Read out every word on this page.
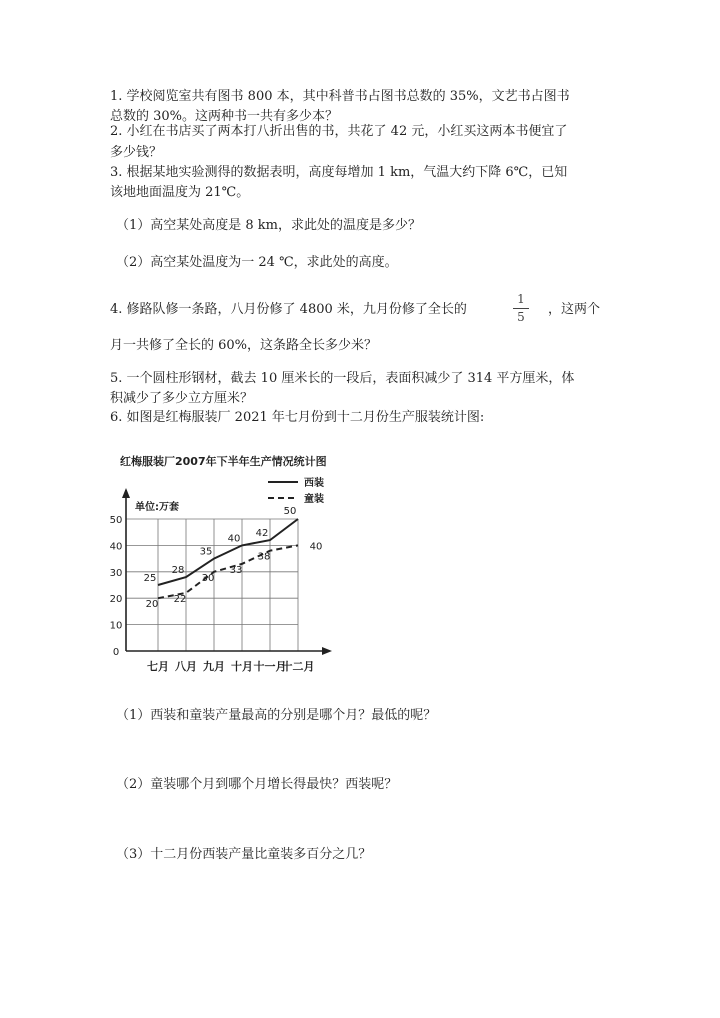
1. 学校阅览室共有图书 800 本，其中科普书占图书总数的 35%，文艺书占图书
总数的 30%。这两种书一共有多少本？
2. 小红在书店买了两本打八折出售的书，共花了 42 元，小红买这两本书便宜了
多少钱？
3. 根据某地实验测得的数据表明，高度每增加 1 km，气温大约下降 6℃，已知
该地地面温度为 21℃。
（1）高空某处高度是 8 km，求此处的温度是多少？
（2）高空某处温度为一 24 ℃，求此处的高度。
4. 修路队修一条路，八月份修了 4800 米，九月份修了全长的
1
5	，这两个
月一共修了全长的 60%，这条路全长多少米？
5. 一个圆柱形钢材，截去 10 厘米长的一段后，表面积减少了 314 平方厘米，体
积减少了多少立方厘米？
6. 如图是红梅服装厂 2021 年七月份到十二月份生产服装统计图:
红梅服装厂2007年下半年生产情况统计图
单位:万套
0
10
20
30
40
50
七月 八月 九月 十月 十一月
十二月
25
28
35
40 42
50
20 22
30
33
38
40
西装
童装
（1）西装和童装产量最高的分别是哪个月？最低的呢？
（2）童装哪个月到哪个月增长得最快？西装呢？
（3）十二月份西装产量比童装多百分之几？
